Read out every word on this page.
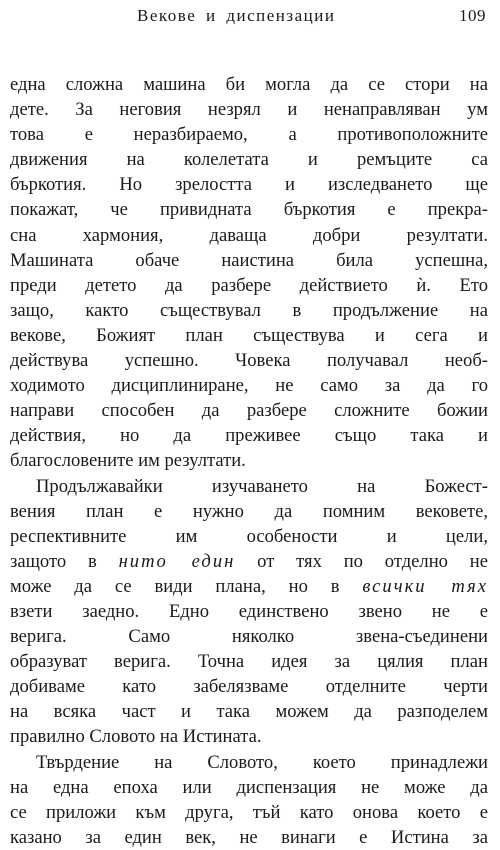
Векове и диспензации	109
една сложна машина би могла да се стори на
дете. За неговия незрял и ненаправляван ум
това е неразбираемо, а противоположните
движения на колелетата и ремъците са
бъркотия. Но зрелостта и изследването ще
покажат, че привидната бъркотия е прекра-
сна хармония, даваща добри резултати.
Машината обаче наистина била успешна,
преди детето да разбере действието ѝ. Ето
защо, както съществувал в продължение на
векове, Божият план съществува и сега и
действува успешно. Човека получавал необ-
ходимото дисциплиниране, не само за да го
направи способен да разбере сложните божии
действия, но да преживее също така и
благословените им резултати.
Продължавайки изучаването на Божест-
вения план е нужно да помним вековете,
респективните им особености и цели,
защото в нито един от тях по отделно не
може да се види плана, но в всички тях
взети заедно. Едно единствено звено не е
верига. Само няколко звена-съединени
образуват верига. Точна идея за цялия план
добиваме като забелязваме отделните черти
на всяка част и така можем да разподелем
правилно Словото на Истината.
Твърдение на Словото, което принадлежи
на една епоха или диспензация не може да
се приложи към друга, тъй като онова което е
казано за един век, не винаги е Истина за
